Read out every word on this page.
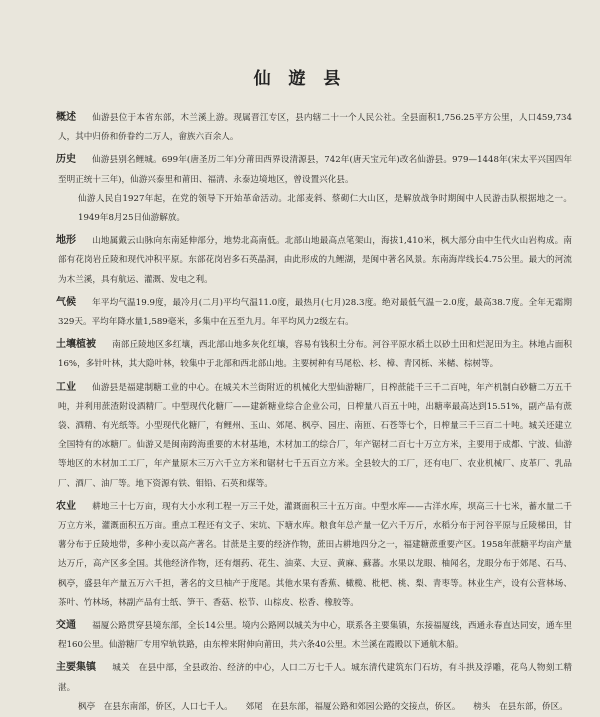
仙 遊 县
概述 仙游县位于本省东部，木兰溪上游。现属晋江专区，县内辖二十一个人民公社。全县面积1,756.25平方公里，人口459,734人，其中归侨和侨眷约二万人，畲族六百余人。
历史 仙游县别名鲤城。699年(唐圣历二年)分莆田西界设清源县，742年(唐天宝元年)改名仙游县。979—1448年(宋太平兴国四年至明正统十三年)，仙游兴泰里和莆田、福清、永泰边境地区，曾设置兴化县。
仙游人民自1927年起，在党的领导下开始革命活动。北部麦斜、蔡砌仁大山区，是解放战争时期闽中人民游击队根据地之一。1949年8月25日仙游解放。
地形 山地属戴云山脉向东南延伸部分，地势北高南低。北部山地最高点笔架山，海拔1,410米，枫大部分由中生代火山岩构成。南部有花岗岩丘陵和现代冲积平原。东部花岗岩多石英晶洞，由此形成的九鲤湖，是闽中著名风景。东南海岸线长4.75公里。最大的河流为木兰溪，具有航运、灌溉、发电之利。
气候 年平均气温19.9度，最冷月(二月)平均气温11.0度，最热月(七月)28.3度。绝对最低气温－2.0度，最高38.7度。全年无霜期329天。平均年降水量1,589毫米，多集中在五至九月。年平均风力2级左右。
土壤植被 南部丘陵地区多红壤，西北部山地多灰化红壤，容易有钱积土分布。河谷平原水稻土以砂土田和烂泥田为主。林地占面积16%，多针叶林，其大隐叶林，较集中于北部和西北部山地。主要树种有马尾松、杉、樟、青冈栎、米槠、棕树等。
工业 仙游县是福建制糖工业的中心。在城关木兰街附近的机械化大型仙游糖厂，日榨蔗能千三千二百吨，年产机制白砂糖二万五千吨，并利用蔗渣附设酒精厂。中型现代化糖厂——建新糖业综合企业公司，日榨量八百五十吨，出糖率最高达到15.51%，副产品有蔗袋、酒精、有光纸等。小型现代化糖厂，有鲤州、玉山、郊尾、枫亭、园庄、南匝、石苍等七个，日榨量三千三百二十吨。城关还建立全国特有的冰糖厂。仙游又是闽南跨海重要的木材基地，木材加工的综合厂，年产锯材二百七十万立方米，主要用于成都、宁波、仙游等地区的木材加工工厂，年产量原木三万六千立方米和锯材七千五百立方米。全县较大的工厂，还有电厂、农业机械厂、皮革厂、乳品厂、酒厂、油厂等。地下资源有铁、钼铅、石英和煤等。
农业 耕地三十七万亩，现有大小水利工程一万三千处，灌溉面积三十五万亩。中型水库——古洋水库，坝高三十七米，蓄水量二千万立方米，灌溉面积五万亩。重点工程还有文子、宋坑、下塘水库。粮食年总产量一亿六千万斤，水稻分布于河谷平原与丘陵梯田，甘薯分布于丘陵地带，多种小麦以高产著名。甘蔗是主要的经济作物，蔗田占耕地四分之一，福建糖蔗重要产区。1958年蔗糖平均亩产量达万斤，高产区多全国。其他经济作物，还有烟药、花生、油菜、大豆、黄麻、蘇蕃。水果以龙眼、柚闻名，龙眼分布于郊尾、石马、枫亭，盛县年产量五万六千担，著名的文旦柚产于度尾。其他水果有香蕉、橄榄、枇杷、桃、梨、青枣等。林业生产，设有公营林场、茶叶、竹林场，林副产品有士纸、笋干、香菇、松节、山棕皮、松香、橡胶等。
交通 福厦公路贯穿县境东部，全长14公里。境内公路网以城关为中心，联系各主要集镇，东接福厦线，西通永春直达同安，通车里程160公里。仙游糖厂专用窄轨铁路，由东榨来附伸向莆田，共六条40公里。木兰溪在霞殿以下通航木船。
主要集镇 城关　在县中部，全县政治、经济的中心，人口二万七千人。城东清代建筑东门石坊，有斗拱及浮雕，花鸟人物刻工精湛。
枫亭　在县东南部，侨区，人口七千人。　　郊尾　在县东部，福厦公路和郊园公路的交接点，侨区。　　榜头　在县东部，侨区。
